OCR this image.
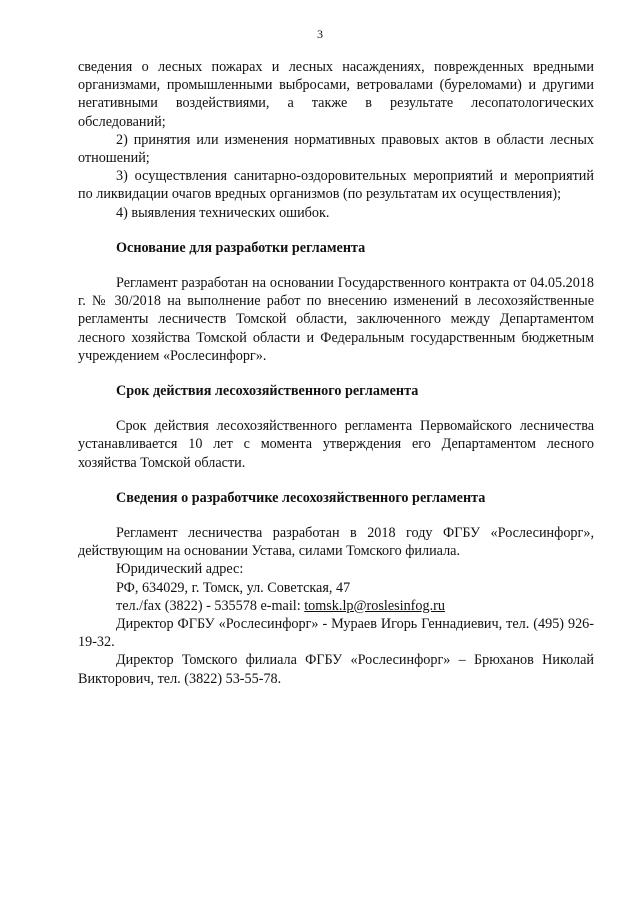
3

сведения о лесных пожарах и лесных насаждениях, поврежденных вредными организмами, промышленными выбросами, ветровалами (буреломами) и другими негативными воздействиями, а также в результате лесопатологических обследований;

2) принятия или изменения нормативных правовых актов в области лесных отношений;

3) осуществления санитарно-оздоровительных мероприятий и мероприятий по ликвидации очагов вредных организмов (по результатам их осуществления);

4) выявления технических ошибок.

Основание для разработки регламента

Регламент разработан на основании Государственного контракта от 04.05.2018 г. № 30/2018 на выполнение работ по внесению изменений в лесохозяйственные регламенты лесничеств Томской области, заключенного между Департаментом лесного хозяйства Томской области и Федеральным государственным бюджетным учреждением «Рослесинфорг».

Срок действия лесохозяйственного регламента

Срок действия лесохозяйственного регламента Первомайского лесничества устанавливается 10 лет с момента утверждения его Департаментом лесного хозяйства Томской области.

Сведения о разработчике лесохозяйственного регламента

Регламент лесничества разработан в 2018 году ФГБУ «Рослесинфорг», действующим на основании Устава, силами Томского филиала.

Юридический адрес:

РФ, 634029, г. Томск, ул. Советская, 47

тел./fax (3822) - 535578 e-mail: tomsk.lp@roslesinfog.ru

Директор ФГБУ «Рослесинфорг» - Мураев Игорь Геннадиевич, тел. (495) 926-19-32.

Директор Томского филиала ФГБУ «Рослесинфорг» – Брюханов Николай Викторович, тел. (3822) 53-55-78.
